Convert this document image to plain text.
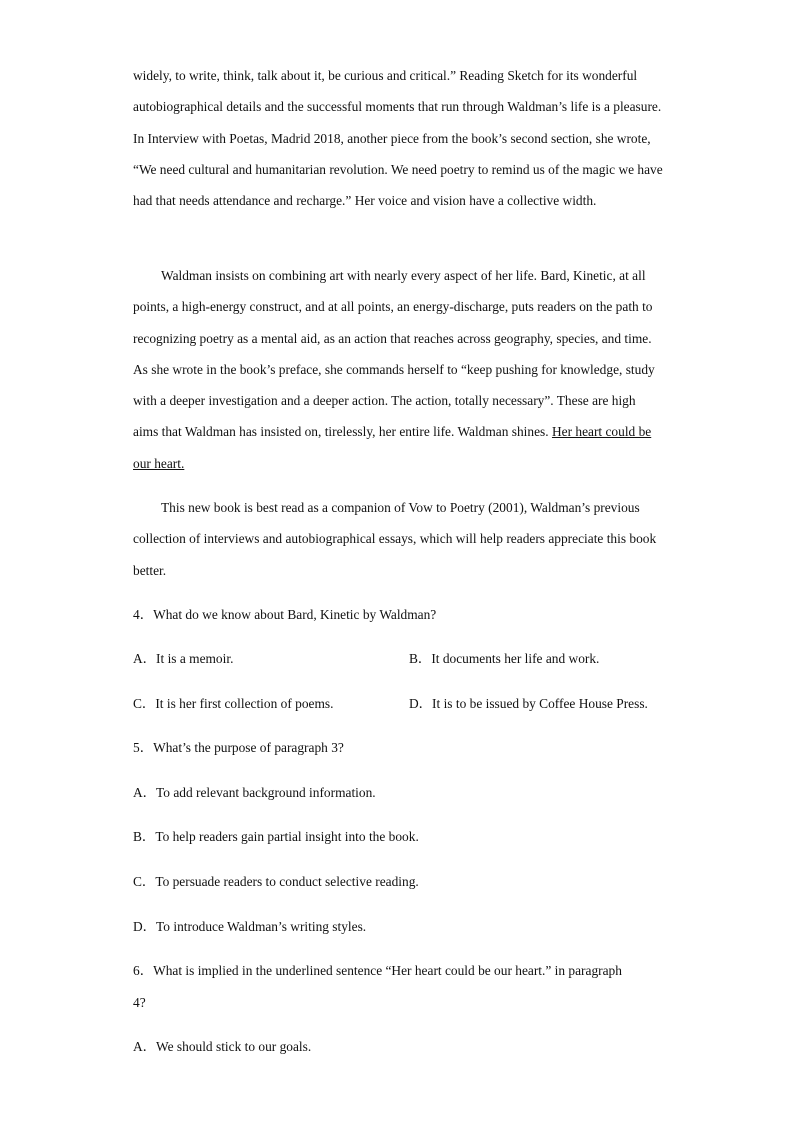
widely, to write, think, talk about it, be curious and critical.” Reading Sketch for its wonderful autobiographical details and the successful moments that run through Waldman’s life is a pleasure. In Interview with Poetas, Madrid 2018, another piece from the book’s second section, she wrote, “We need cultural and humanitarian revolution. We need poetry to remind us of the magic we have had that needs attendance and recharge.” Her voice and vision have a collective width.

Waldman insists on combining art with nearly every aspect of her life. Bard, Kinetic, at all points, a high-energy construct, and at all points, an energy-discharge, puts readers on the path to recognizing poetry as a mental aid, as an action that reaches across geography, species, and time. As she wrote in the book’s preface, she commands herself to “keep pushing for knowledge, study with a deeper investigation and a deeper action. The action, totally necessary”. These are high aims that Waldman has insisted on, tirelessly, her entire life. Waldman shines. Her heart could be our heart.

This new book is best read as a companion of Vow to Poetry (2001), Waldman’s previous collection of interviews and autobiographical essays, which will help readers appreciate this book better.

4．What do we know about Bard, Kinetic by Waldman?
A．It is a memoir.	B．It documents her life and work.
C．It is her first collection of poems.	D．It is to be issued by Coffee House Press.
5．What’s the purpose of paragraph 3?
A．To add relevant background information.
B．To help readers gain partial insight into the book.
C．To persuade readers to conduct selective reading.
D．To introduce Waldman’s writing styles.
6．What is implied in the underlined sentence “Her heart could be our heart.” in paragraph
4?
A．We should stick to our goals.
